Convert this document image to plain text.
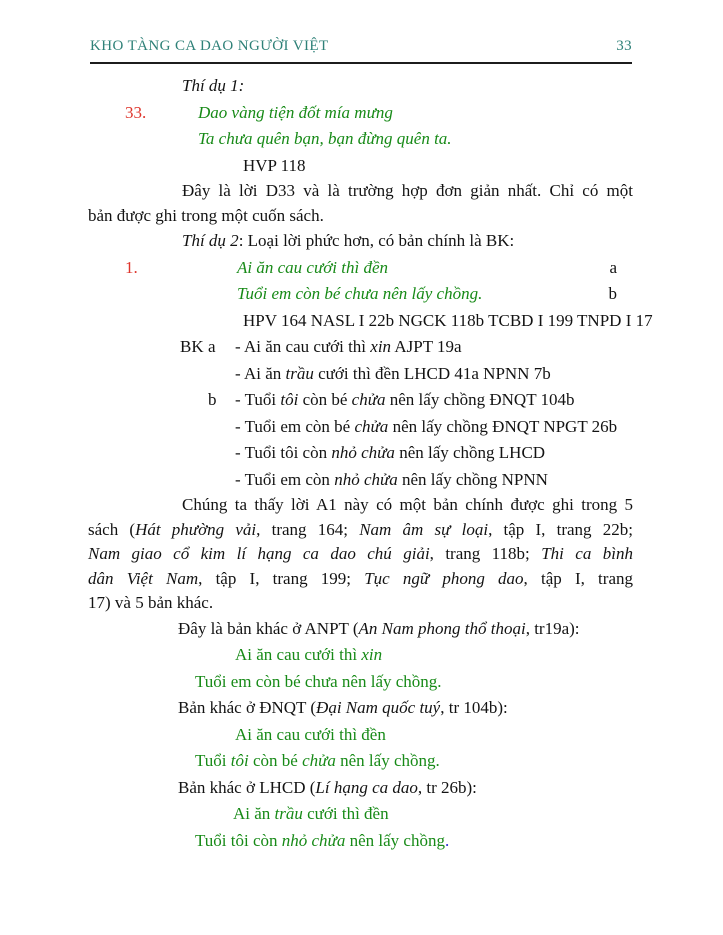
KHO TÀNG CA DAO NGƯỜI VIỆT	33
Thí dụ 1:
33.	Dao vàng tiện đốt mía mưng
Ta chưa quên bạn, bạn đừng quên ta.
HVP 118
Đây là lời D33 và là trường hợp đơn giản nhất. Chỉ có một
bản được ghi trong một cuốn sách.
Thí dụ 2: Loại lời phức hơn, có bản chính là BK:
1.	Ai ăn cau cưới thì đền	a
Tuổi em còn bé chưa nên lấy chồng.	b
HPV 164 NASL I 22b NGCK 118b TCBD I 199 TNPD I 17
BK a - Ai ăn cau cưới thì xin AJPT 19a
- Ai ăn trầu cưới thì đền LHCD 41a NPNN 7b
b - Tuổi tôi còn bé chửa nên lấy chồng ĐNQT 104b
- Tuổi em còn bé chửa nên lấy chồng ĐNQT NPGT 26b
- Tuổi tôi còn nhỏ chửa nên lấy chồng LHCD
- Tuổi em còn nhỏ chửa nên lấy chồng NPNN
Chúng ta thấy lời A1 này có một bản chính được ghi trong 5
sách (Hát phường vải, trang 164; Nam âm sự loại, tập I, trang 22b;
Nam giao cổ kim lí hạng ca dao chú giải, trang 118b; Thi ca bình
dân Việt Nam, tập I, trang 199; Tục ngữ phong dao, tập I, trang
17) và 5 bản khác.
Đây là bản khác ở ANPT (An Nam phong thổ thoại, tr19a):
Ai ăn cau cưới thì xin
Tuổi em còn bé chưa nên lấy chồng.
Bản khác ở ĐNQT (Đại Nam quốc tuý, tr 104b):
Ai ăn cau cưới thì đền
Tuổi tôi còn bé chửa nên lấy chồng.
Bản khác ở LHCD (Lí hạng ca dao, tr 26b):
Ai ăn trầu cưới thì đền
Tuổi tôi còn nhỏ chửa nên lấy chồng.
